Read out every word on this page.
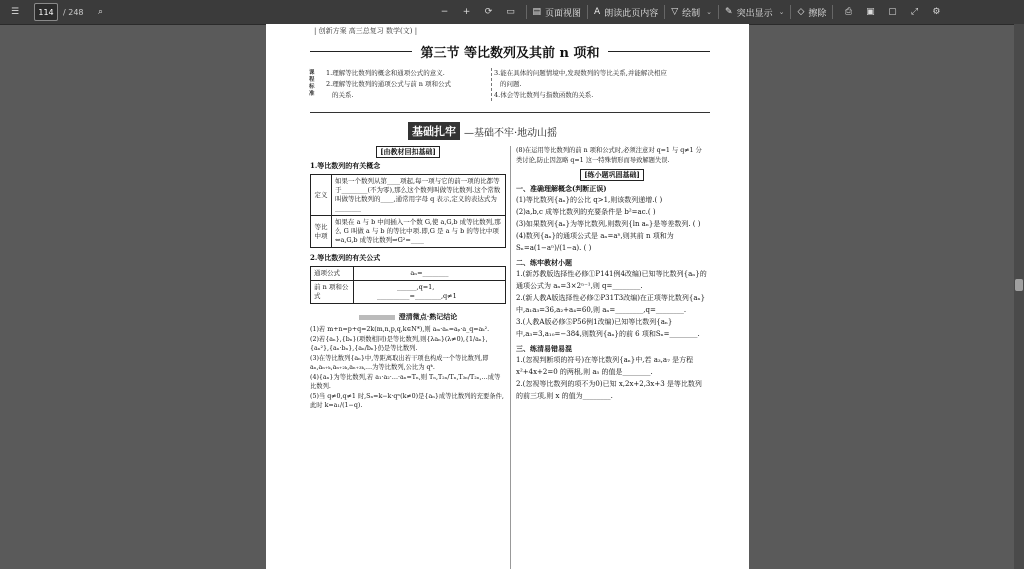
☰	114	/ 248	⌕	−	+	⟳	▭	▤ 页面视图 A 朗读此页内容 ▽ 绘制 ⌄ ✎ 突出显示 ⌄ ◇ 擦除	⎙	▣	▢	⤢	⚙
| 创新方案 高三总复习 数学(文) |
第三节 等比数列及其前 n 项和
课程标准
1.理解等比数列的概念和通项公式的意义.
2.理解等比数列的通项公式与前 n 项和公式
的关系.
3.能在具体的问题情境中,发现数列的等比关系,并能解决相应
的问题.
4.体会等比数列与指数函数的关系.
基础扎牢 —基础不牢·地动山摇
[由教材回扣基础]
1.等比数列的有关概念
定义	如果一个数列从第____项起,每一项与它的前一项的比都等于________(不为零),那么这个数列叫做等比数列.这个常数叫做等比数列的____,通常用字母 q 表示,定义的表达式为________
等比中项	如果在 a 与 b 中间插入一个数 G,使 a,G,b 成等比数列,那么 G 叫做 a 与 b 的等比中项.即,G 是 a 与 b 的等比中项⇔a,G,b 成等比数列⇒G²=____
2.等比数列的有关公式
通项公式	aₙ=________
前 n 项和公式	______,q=1,
__________=________,q≠1
澄清微点·熟记结论
(1)若 m+n=p+q=2k(m,n,p,q,k∈N*),则 aₘ·aₙ=aₚ·a_q=aₖ².
(2)若{aₙ},{bₙ}(项数相同)是等比数列,则{λaₙ}(λ≠0),{1/aₙ},{aₙ²},{aₙ·bₙ},{aₙ/bₙ}仍是等比数列.
(3)在等比数列{aₙ}中,等距离取出若干项也构成一个等比数列,即 aₙ,aₙ₊ₖ,aₙ₊₂ₖ,aₙ₊₃ₖ,…为等比数列,公比为 qᵏ.
(4){aₙ}为等比数列,若 a₁·a₂·…·aₙ=Tₙ,则 Tₙ,T₂ₙ/Tₙ,T₃ₙ/T₂ₙ,…成等比数列.
(5)当 q≠0,q≠1 时,Sₙ=k−k·qⁿ(k≠0)是{aₙ}成等比数列的充要条件,此时 k=a₁/(1−q).
(8)在运用等比数列的前 n 项和公式时,必须注意对 q=1 与 q≠1 分类讨论,防止因忽略 q=1 这一特殊情形而导致解题失误.
[练小题巩固基础]
一、准确理解概念(判断正误)
(1)等比数列{aₙ}的公比 q>1,则该数列递增.( )
(2)a,b,c 成等比数列的充要条件是 b²=ac.( )
(3)如果数列{aₙ}为等比数列,则数列{ln aₙ}是等差数列. ( )
(4)数列{aₙ}的通项公式是 aₙ=aⁿ,则其前 n 项和为 Sₙ=a(1−aⁿ)/(1−a). ( )
二、练牢教材小题
1.(新苏教版选择性必修①P141例4改编)已知等比数列{aₙ}的通项公式为 aₙ=3×2ⁿ⁻¹,则 q=________.
2.(新人教A版选择性必修②P31T3改编)在正项等比数列{aₙ}中,a₁a₃=36,a₂+a₄=60,则 aₙ=________,q=________.
3.(人教A版必修⑤P56例1改编)已知等比数列{aₙ}中,a₃=3,a₁₀=−384,则数列{aₙ}的前 6 项和Sₙ=________.
三、练清易错易混
1.(忽视判断项的符号)在等比数列{aₙ}中,若 a₃,a₇ 是方程 x²+4x+2=0 的两根,则 a₅ 的值是________.
2.(忽视等比数列的项不为0)已知 x,2x+2,3x+3 是等比数列的前三项,则 x 的值为________.
